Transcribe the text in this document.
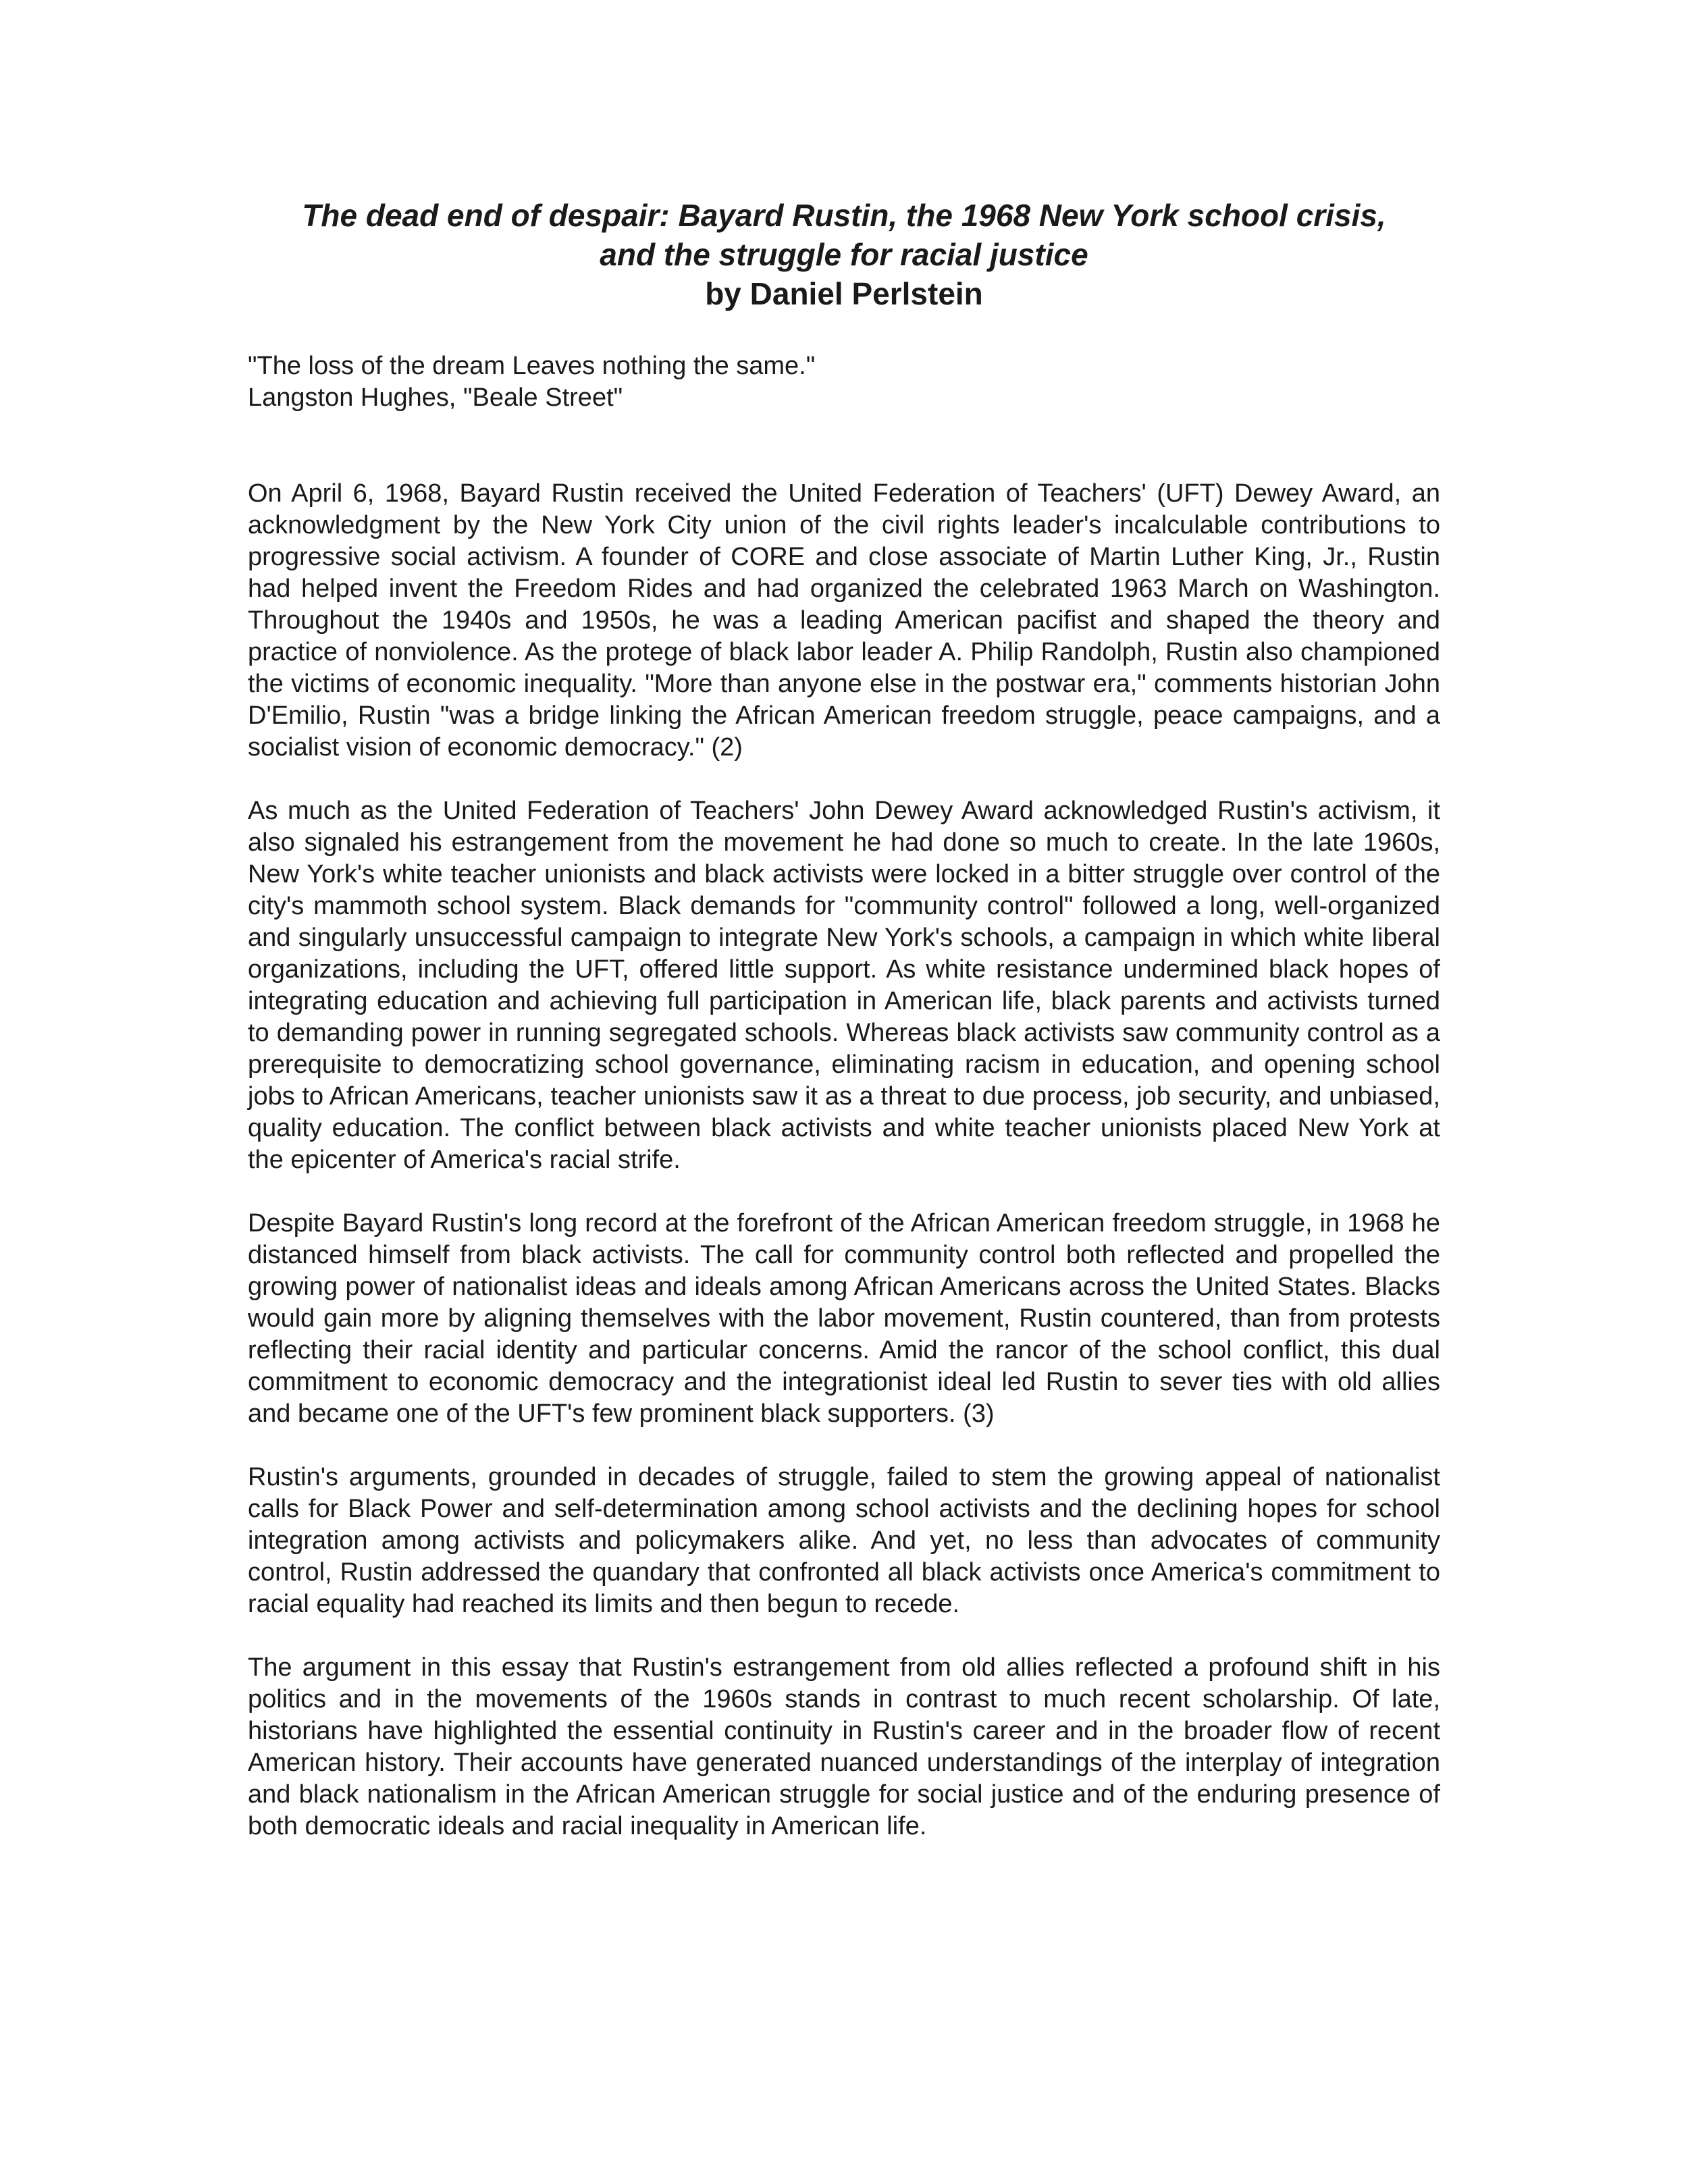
The dead end of despair: Bayard Rustin, the 1968 New York school crisis,
and the struggle for racial justice
by Daniel Perlstein
"The loss of the dream Leaves nothing the same."
Langston Hughes, "Beale Street"

On April 6, 1968, Bayard Rustin received the United Federation of Teachers' (UFT) Dewey Award, an acknowledgment by the New York City union of the civil rights leader's incalculable contributions to progressive social activism. A founder of CORE and close associate of Martin Luther King, Jr., Rustin had helped invent the Freedom Rides and had organized the celebrated 1963 March on Washington. Throughout the 1940s and 1950s, he was a leading American pacifist and shaped the theory and practice of nonviolence. As the protege of black labor leader A. Philip Randolph, Rustin also championed the victims of economic inequality. "More than anyone else in the postwar era," comments historian John D'Emilio, Rustin "was a bridge linking the African American freedom struggle, peace campaigns, and a socialist vision of economic democracy." (2)

As much as the United Federation of Teachers' John Dewey Award acknowledged Rustin's activism, it also signaled his estrangement from the movement he had done so much to create. In the late 1960s, New York's white teacher unionists and black activists were locked in a bitter struggle over control of the city's mammoth school system. Black demands for "community control" followed a long, well-organized and singularly unsuccessful campaign to integrate New York's schools, a campaign in which white liberal organizations, including the UFT, offered little support. As white resistance undermined black hopes of integrating education and achieving full participation in American life, black parents and activists turned to demanding power in running segregated schools. Whereas black activists saw community control as a prerequisite to democratizing school governance, eliminating racism in education, and opening school jobs to African Americans, teacher unionists saw it as a threat to due process, job security, and unbiased, quality education. The conflict between black activists and white teacher unionists placed New York at the epicenter of America's racial strife.

Despite Bayard Rustin's long record at the forefront of the African American freedom struggle, in 1968 he distanced himself from black activists. The call for community control both reflected and propelled the growing power of nationalist ideas and ideals among African Americans across the United States. Blacks would gain more by aligning themselves with the labor movement, Rustin countered, than from protests reflecting their racial identity and particular concerns. Amid the rancor of the school conflict, this dual commitment to economic democracy and the integrationist ideal led Rustin to sever ties with old allies and became one of the UFT's few prominent black supporters. (3)

Rustin's arguments, grounded in decades of struggle, failed to stem the growing appeal of nationalist calls for Black Power and self-determination among school activists and the declining hopes for school integration among activists and policymakers alike. And yet, no less than advocates of community control, Rustin addressed the quandary that confronted all black activists once America's commitment to racial equality had reached its limits and then begun to recede.

The argument in this essay that Rustin's estrangement from old allies reflected a profound shift in his politics and in the movements of the 1960s stands in contrast to much recent scholarship. Of late, historians have highlighted the essential continuity in Rustin's career and in the broader flow of recent American history. Their accounts have generated nuanced understandings of the interplay of integration and black nationalism in the African American struggle for social justice and of the enduring presence of both democratic ideals and racial inequality in American life.
